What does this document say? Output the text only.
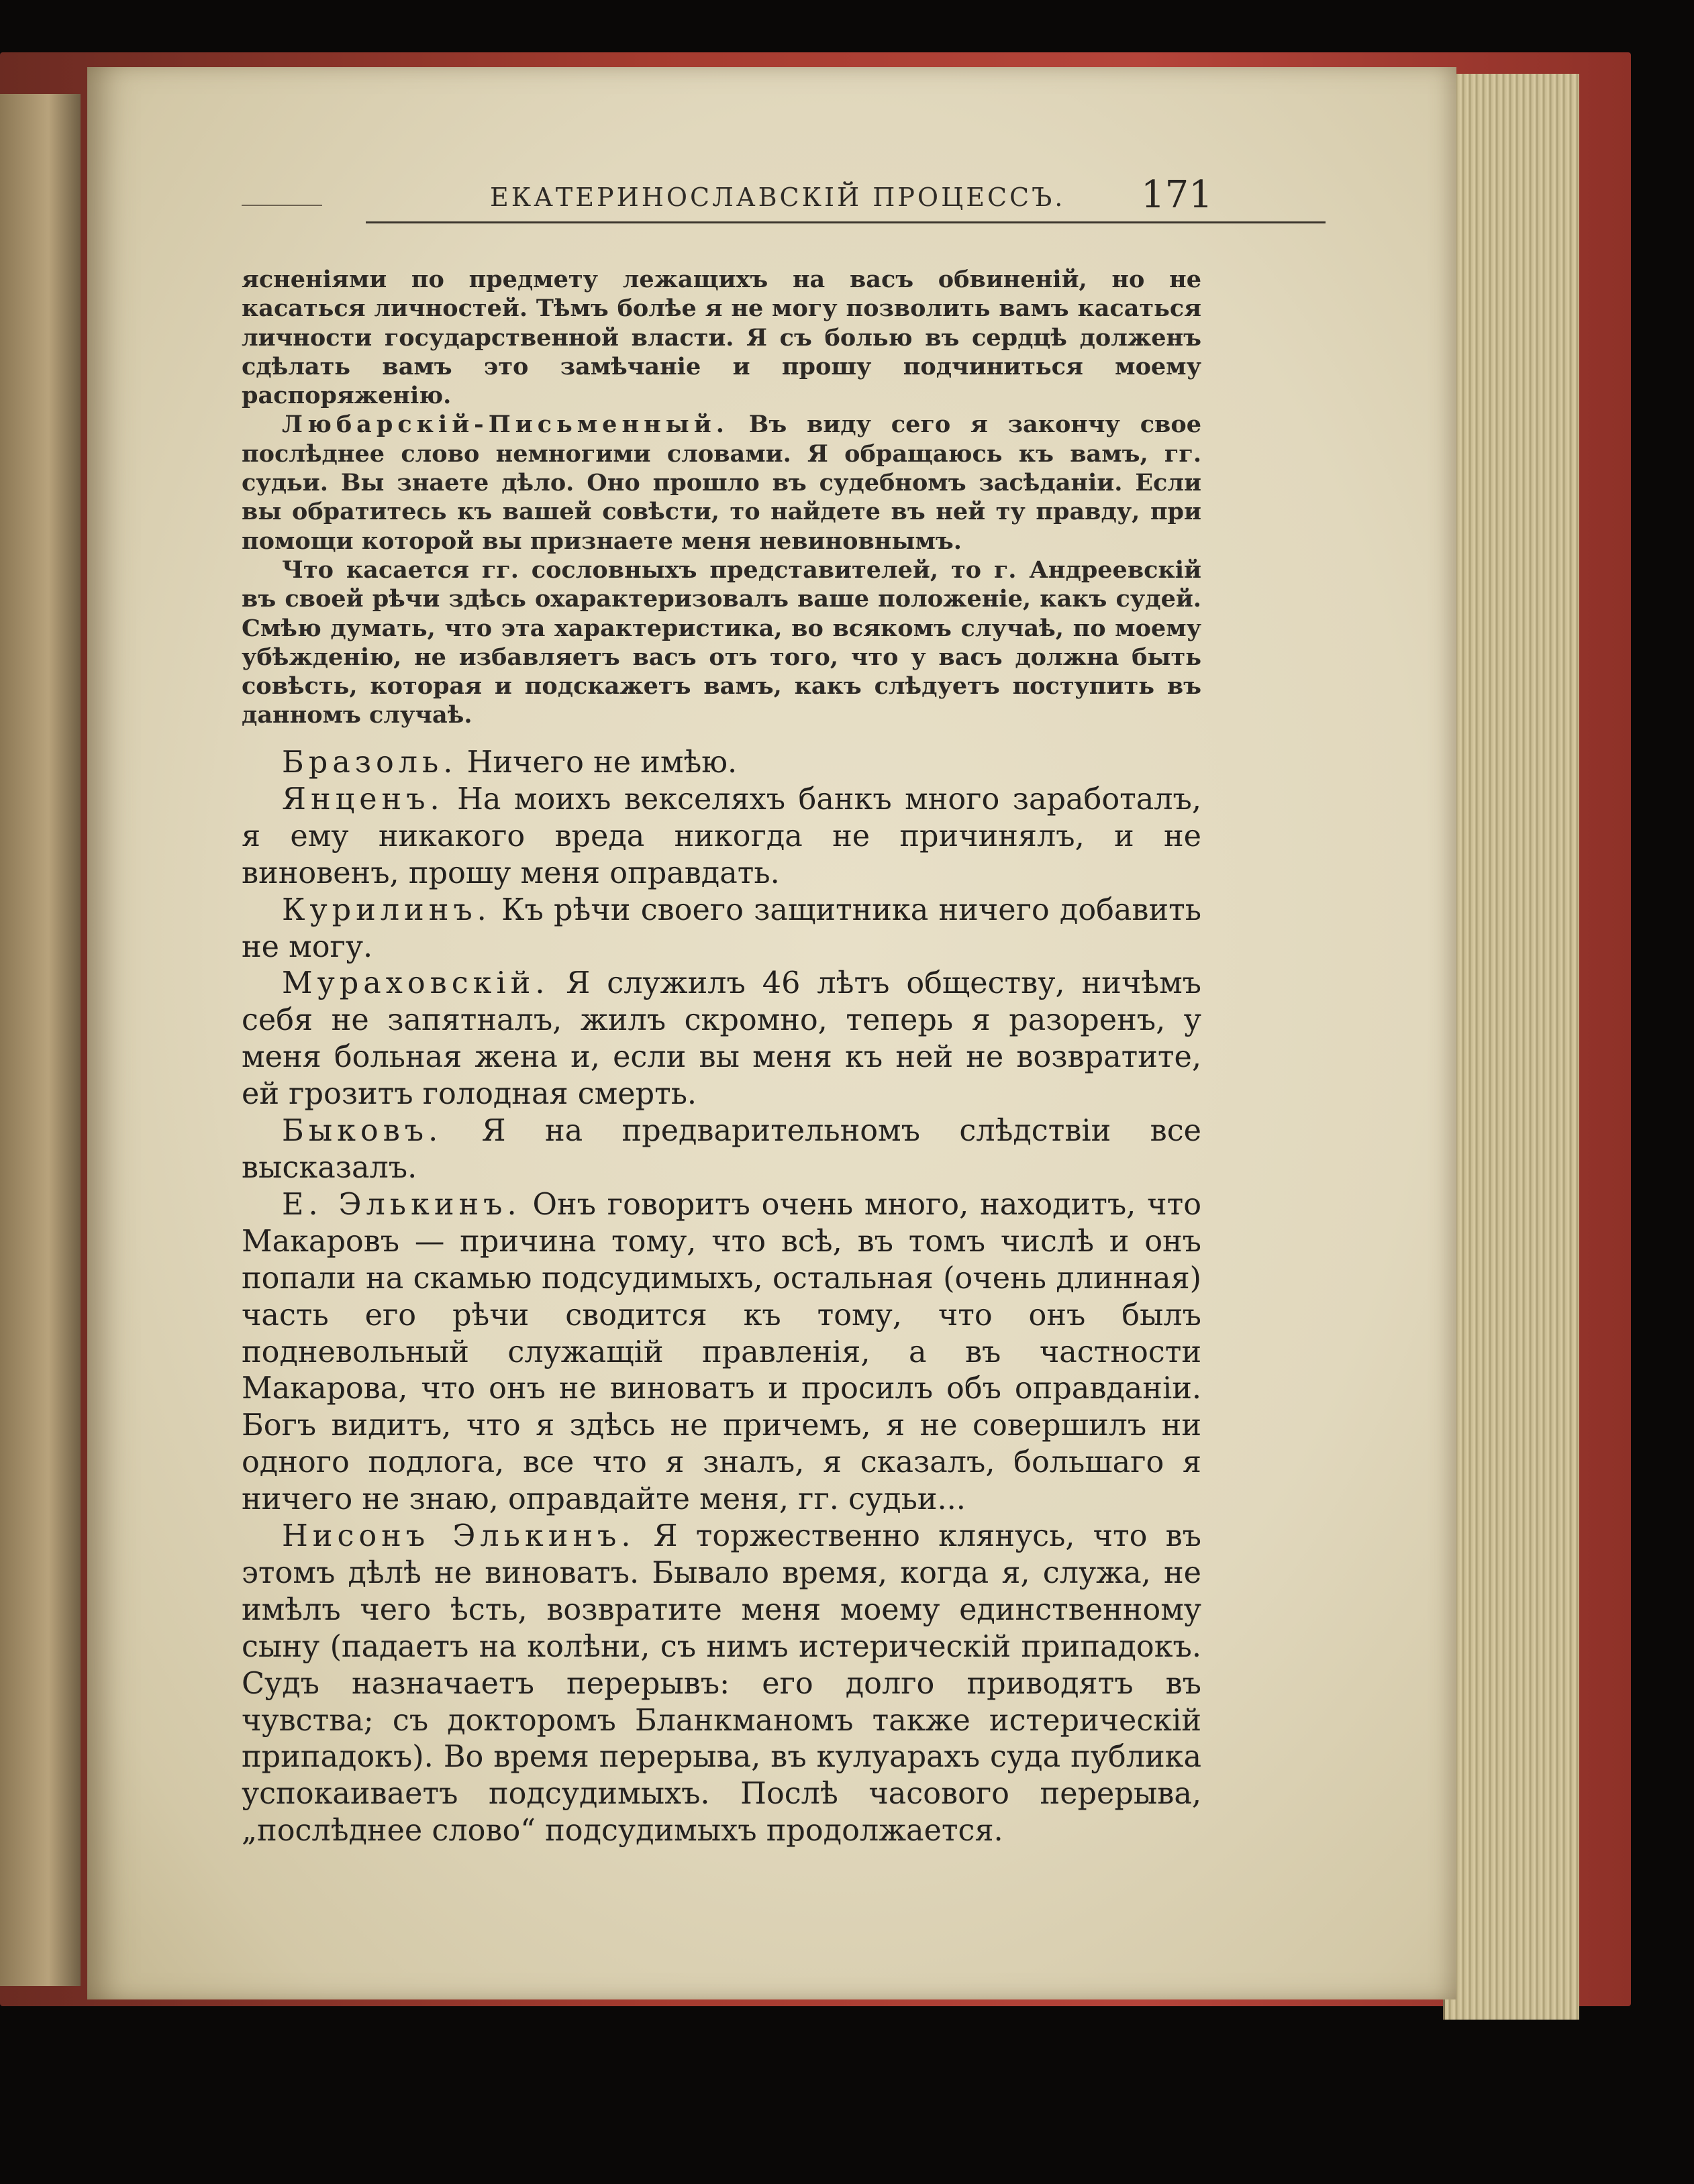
ЕКАТЕРИНОСЛАВСКІЙ ПРОЦЕССЪ. 171

ясненіями по предмету лежащихъ на васъ обвиненій, но не касаться личностей. Тѣмъ болѣе я не могу позволить вамъ касаться личности государственной власти. Я съ болью въ сердцѣ долженъ сдѣлать вамъ это замѣчаніе и прошу подчиниться моему распоряженію.

Любарскій-Письменный. Въ виду сего я закончу свое послѣднее слово немногими словами. Я обращаюсь къ вамъ, гг. судьи. Вы знаете дѣло. Оно прошло въ судебномъ засѣданіи. Если вы обратитесь къ вашей совѣсти, то найдете въ ней ту правду, при помощи которой вы признаете меня невиновнымъ.

Что касается гг. сословныхъ представителей, то г. Андреевскій въ своей рѣчи здѣсь охарактеризовалъ ваше положеніе, какъ судей. Смѣю думать, что эта характеристика, во всякомъ случаѣ, по моему убѣжденію, не избавляетъ васъ отъ того, что у васъ должна быть совѣсть, которая и подскажетъ вамъ, какъ слѣдуетъ поступить въ данномъ случаѣ.

Бразоль. Ничего не имѣю.

Янценъ. На моихъ векселяхъ банкъ много заработалъ, я ему никакого вреда никогда не причинялъ, и не виновенъ, прошу меня оправдать.

Курилинъ. Къ рѣчи своего защитника ничего добавить не могу.

Мураховскій. Я служилъ 46 лѣтъ обществу, ничѣмъ себя не запятналъ, жилъ скромно, теперь я разоренъ, у меня больная жена и, если вы меня къ ней не возвратите, ей грозитъ голодная смерть.

Быковъ. Я на предварительномъ слѣдствіи все высказалъ.

Е. Элькинъ. Онъ говоритъ очень много, находитъ, что Макаровъ — причина тому, что всѣ, въ томъ числѣ и онъ попали на скамью подсудимыхъ, остальная (очень длинная) часть его рѣчи сводится къ тому, что онъ былъ подневольный служащій правленія, а въ частности Макарова, что онъ не виноватъ и просилъ объ оправданіи. Богъ видитъ, что я здѣсь не причемъ, я не совершилъ ни одного подлога, все что я зналъ, я сказалъ, большаго я ничего не знаю, оправдайте меня, гг. судьи...

Нисонъ Элькинъ. Я торжественно клянусь, что въ этомъ дѣлѣ не виноватъ. Бывало время, когда я, служа, не имѣлъ чего ѣсть, возвратите меня моему единственному сыну (падаетъ на колѣни, съ нимъ истерическій припадокъ. Судъ назначаетъ перерывъ: его долго приводятъ въ чувства; съ докторомъ Бланкманомъ также истерическій припадокъ). Во время перерыва, въ кулуарахъ суда публика успокаиваетъ подсудимыхъ. Послѣ часового перерыва, „послѣднее слово“ подсудимыхъ продолжается.
